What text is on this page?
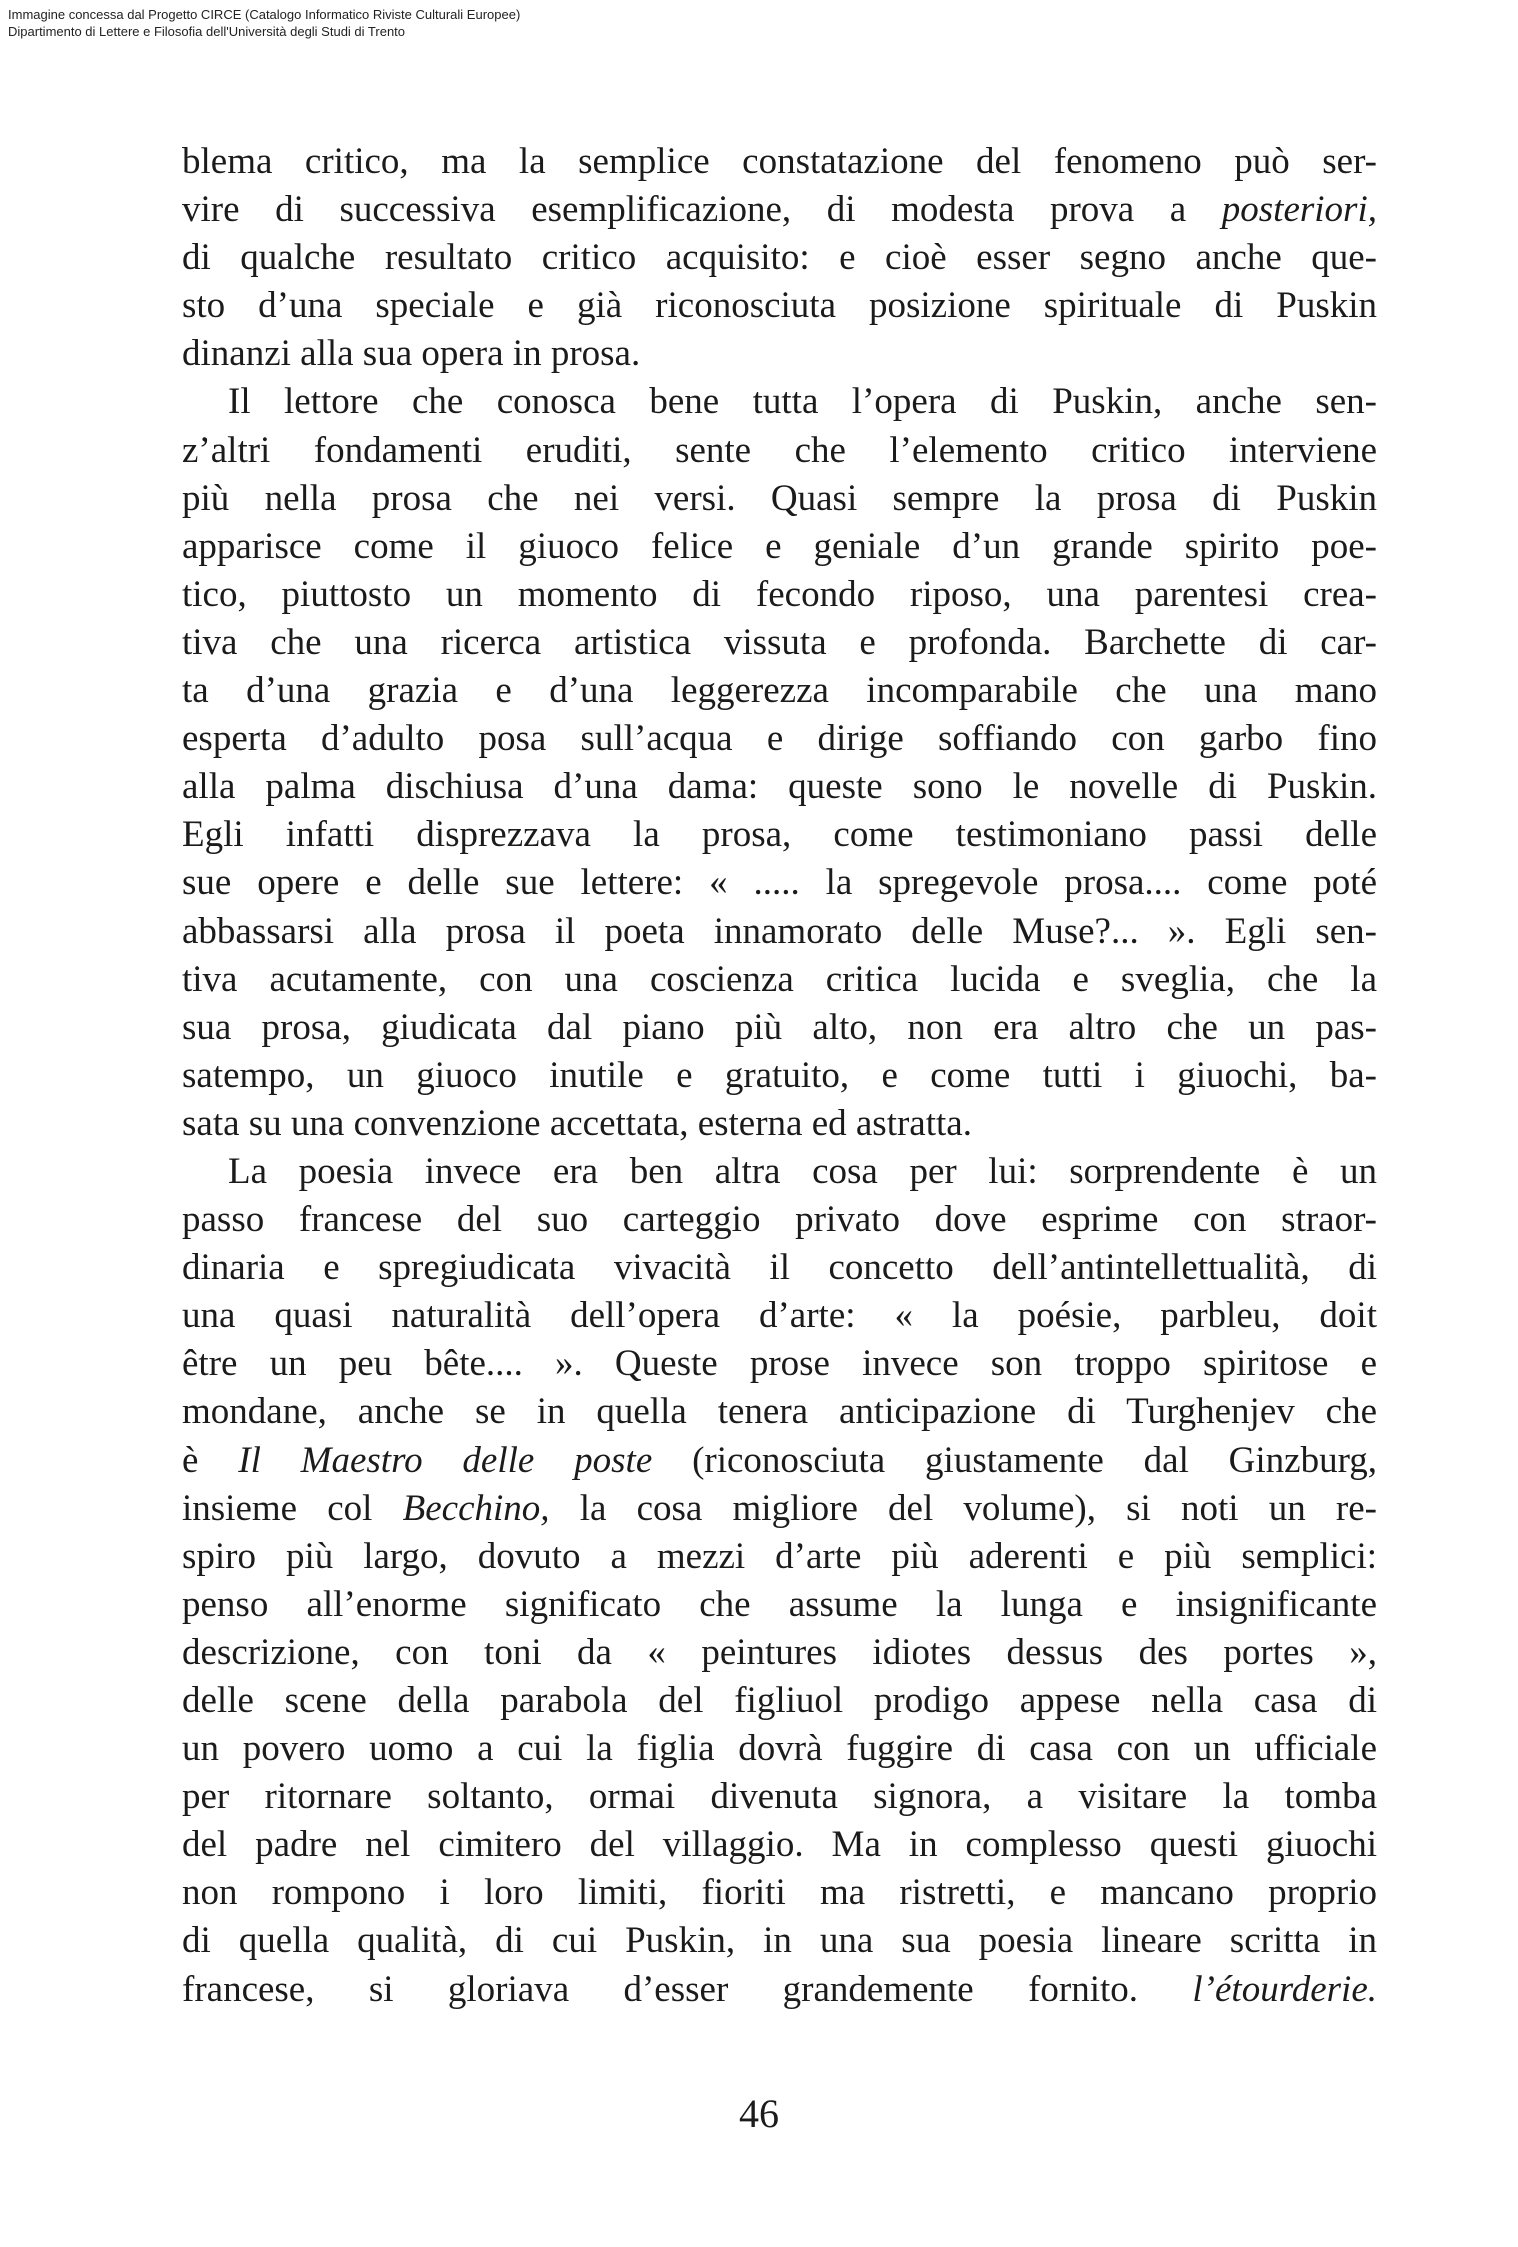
Immagine concessa dal Progetto CIRCE (Catalogo Informatico Riviste Culturali Europee)
Dipartimento di Lettere e Filosofia dell'Università degli Studi di Trento
blema critico, ma la semplice constatazione del fenomeno può ser-
vire di successiva esemplificazione, di modesta prova a posteriori,
di qualche resultato critico acquisito: e cioè esser segno anche que-
sto d’una speciale e già riconosciuta posizione spirituale di Puskin
dinanzi alla sua opera in prosa.
Il lettore che conosca bene tutta l’opera di Puskin, anche sen-
z’altri fondamenti eruditi, sente che l’elemento critico interviene
più nella prosa che nei versi. Quasi sempre la prosa di Puskin
apparisce come il giuoco felice e geniale d’un grande spirito poe-
tico, piuttosto un momento di fecondo riposo, una parentesi crea-
tiva che una ricerca artistica vissuta e profonda. Barchette di car-
ta d’una grazia e d’una leggerezza incomparabile che una mano
esperta d’adulto posa sull’acqua e dirige soffiando con garbo fino
alla palma dischiusa d’una dama: queste sono le novelle di Puskin.
Egli infatti disprezzava la prosa, come testimoniano passi delle
sue opere e delle sue lettere: « ..... la spregevole prosa.... come poté
abbassarsi alla prosa il poeta innamorato delle Muse?... ». Egli sen-
tiva acutamente, con una coscienza critica lucida e sveglia, che la
sua prosa, giudicata dal piano più alto, non era altro che un pas-
satempo, un giuoco inutile e gratuito, e come tutti i giuochi, ba-
sata su una convenzione accettata, esterna ed astratta.
La poesia invece era ben altra cosa per lui: sorprendente è un
passo francese del suo carteggio privato dove esprime con straor-
dinaria e spregiudicata vivacità il concetto dell’antintellettualità, di
una quasi naturalità dell’opera d’arte: « la poésie, parbleu, doit
être un peu bête.... ». Queste prose invece son troppo spiritose e
mondane, anche se in quella tenera anticipazione di Turghenjev che
è Il Maestro delle poste (riconosciuta giustamente dal Ginzburg,
insieme col Becchino, la cosa migliore del volume), si noti un re-
spiro più largo, dovuto a mezzi d’arte più aderenti e più semplici:
penso all’enorme significato che assume la lunga e insignificante
descrizione, con toni da « peintures idiotes dessus des portes »,
delle scene della parabola del figliuol prodigo appese nella casa di
un povero uomo a cui la figlia dovrà fuggire di casa con un ufficiale
per ritornare soltanto, ormai divenuta signora, a visitare la tomba
del padre nel cimitero del villaggio. Ma in complesso questi giuochi
non rompono i loro limiti, fioriti ma ristretti, e mancano proprio
di quella qualità, di cui Puskin, in una sua poesia lineare scritta in
francese, si gloriava d’esser grandemente fornito. l’étourderie.
46
